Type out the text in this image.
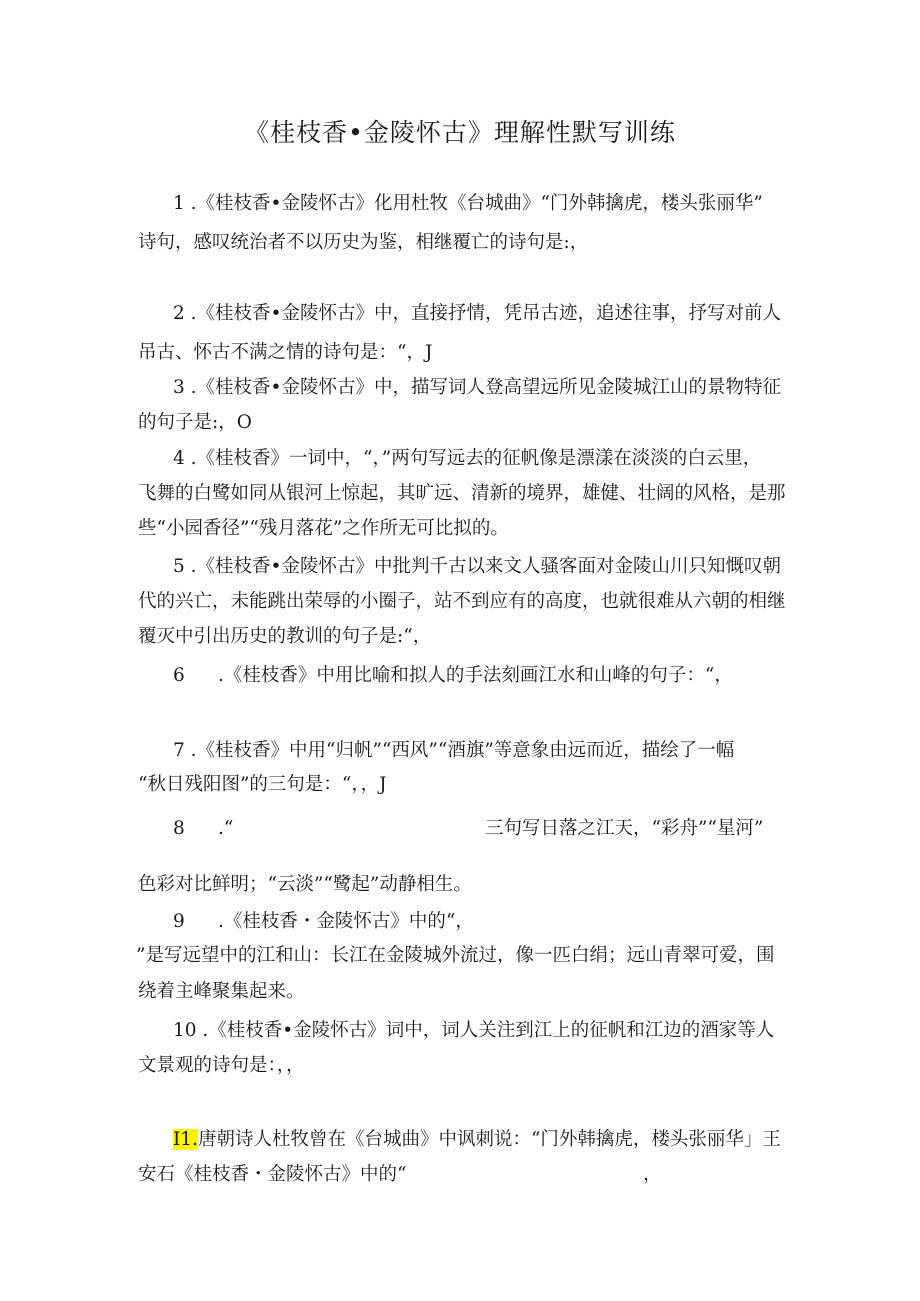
《桂枝香•金陵怀古》理解性默写训练
1 .《桂枝香•金陵怀古》化用杜牧《台城曲》“门外韩擒虎，楼头张丽华”
诗句，感叹统治者不以历史为鉴，相继覆亡的诗句是:，
2 .《桂枝香•金陵怀古》中，直接抒情，凭吊古迹，追述往事，抒写对前人
吊古、怀古不满之情的诗句是：“，J
3 .《桂枝香•金陵怀古》中，描写词人登高望远所见金陵城江山的景物特征
的句子是:，O
4 .《桂枝香》一词中，“，”两句写远去的征帆像是漂漾在淡淡的白云里，
飞舞的白鹭如同从银河上惊起，其旷远、清新的境界，雄健、壮阔的风格，是那
些“小园香径”“残月落花”之作所无可比拟的。
5 .《桂枝香•金陵怀古》中批判千古以来文人骚客面对金陵山川只知慨叹朝
代的兴亡，未能跳出荣辱的小圈子，站不到应有的高度，也就很难从六朝的相继
覆灭中引出历史的教训的句子是:“，
6 .《桂枝香》中用比喻和拟人的手法刻画江水和山峰的句子：“，
7 .《桂枝香》中用“归帆”“西风”“酒旗”等意象由远而近，描绘了一幅
“秋日残阳图”的三句是：“，，J
8 .“	三句写日落之江天，“彩舟”“星河”
色彩对比鲜明；“云淡”“鹭起”动静相生。
9 .《桂枝香・金陵怀古》中的“，
”是写远望中的江和山：长江在金陵城外流过，像一匹白绢；远山青翠可爱，围
绕着主峰聚集起来。
10 .《桂枝香•金陵怀古》词中，词人关注到江上的征帆和江边的酒家等人
文景观的诗句是：，，
I1.唐朝诗人杜牧曾在《台城曲》中讽刺说：“门外韩擒虎，楼头张丽华」王
安石《桂枝香・金陵怀古》中的“	，
